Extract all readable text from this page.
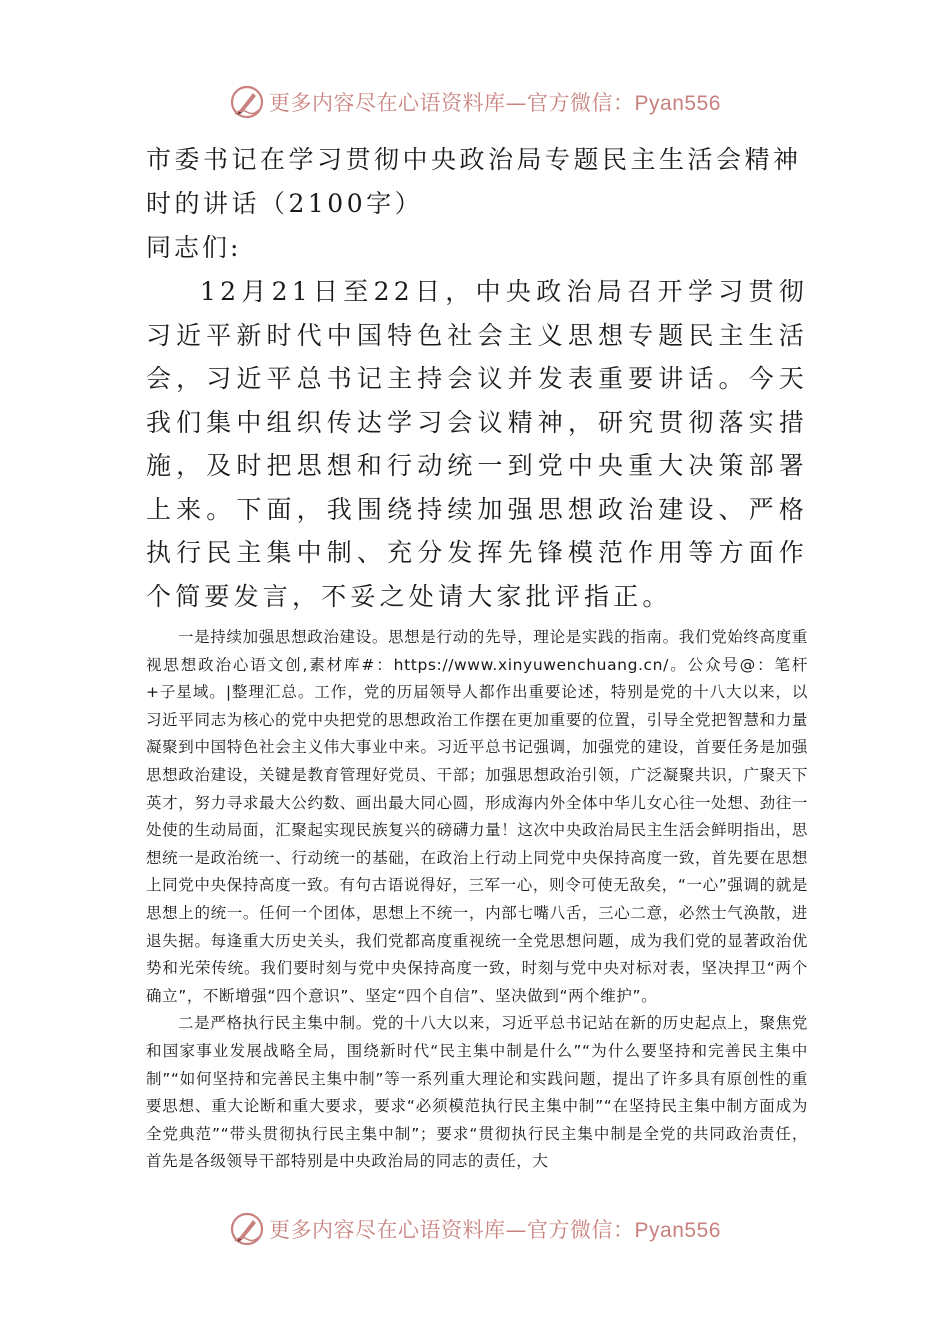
更多内容尽在心语资料库—官方微信：Pyan556
市委书记在学习贯彻中央政治局专题民主生活会精神时的讲话（2100字）

同志们:

12月21日至22日，中央政治局召开学习贯彻习近平新时代中国特色社会主义思想专题民主生活会，习近平总书记主持会议并发表重要讲话。今天我们集中组织传达学习会议精神，研究贯彻落实措施，及时把思想和行动统一到党中央重大决策部署上来。下面，我围绕持续加强思想政治建设、严格执行民主集中制、充分发挥先锋模范作用等方面作个简要发言，不妥之处请大家批评指正。

一是持续加强思想政治建设。思想是行动的先导，理论是实践的指南。我们党始终高度重视思想政治心语文创,素材库#：https://www.xinyuwenchuang.cn/。公众号@：笔杆+子星域。|整理汇总。工作，党的历届领导人都作出重要论述，特别是党的十八大以来，以习近平同志为核心的党中央把党的思想政治工作摆在更加重要的位置，引导全党把智慧和力量凝聚到中国特色社会主义伟大事业中来。习近平总书记强调，加强党的建设，首要任务是加强思想政治建设，关键是教育管理好党员、干部；加强思想政治引领，广泛凝聚共识，广聚天下英才，努力寻求最大公约数、画出最大同心圆，形成海内外全体中华儿女心往一处想、劲往一处使的生动局面，汇聚起实现民族复兴的磅礴力量！这次中央政治局民主生活会鲜明指出，思想统一是政治统一、行动统一的基础，在政治上行动上同党中央保持高度一致，首先要在思想上同党中央保持高度一致。有句古语说得好，三军一心，则令可使无敌矣，“一心”强调的就是思想上的统一。任何一个团体，思想上不统一，内部七嘴八舌，三心二意，必然士气涣散，进退失据。每逢重大历史关头，我们党都高度重视统一全党思想问题，成为我们党的显著政治优势和光荣传统。我们要时刻与党中央保持高度一致，时刻与党中央对标对表，坚决捍卫“两个确立”，不断增强“四个意识”、坚定“四个自信”、坚决做到“两个维护”。

二是严格执行民主集中制。党的十八大以来，习近平总书记站在新的历史起点上，聚焦党和国家事业发展战略全局，围绕新时代“民主集中制是什么”“为什么要坚持和完善民主集中制”“如何坚持和完善民主集中制”等一系列重大理论和实践问题，提出了许多具有原创性的重要思想、重大论断和重大要求，要求“必须模范执行民主集中制”“在坚持民主集中制方面成为全党典范”“带头贯彻执行民主集中制”；要求“贯彻执行民主集中制是全党的共同政治责任，首先是各级领导干部特别是中央政治局的同志的责任，大

更多内容尽在心语资料库—官方微信：Pyan556
